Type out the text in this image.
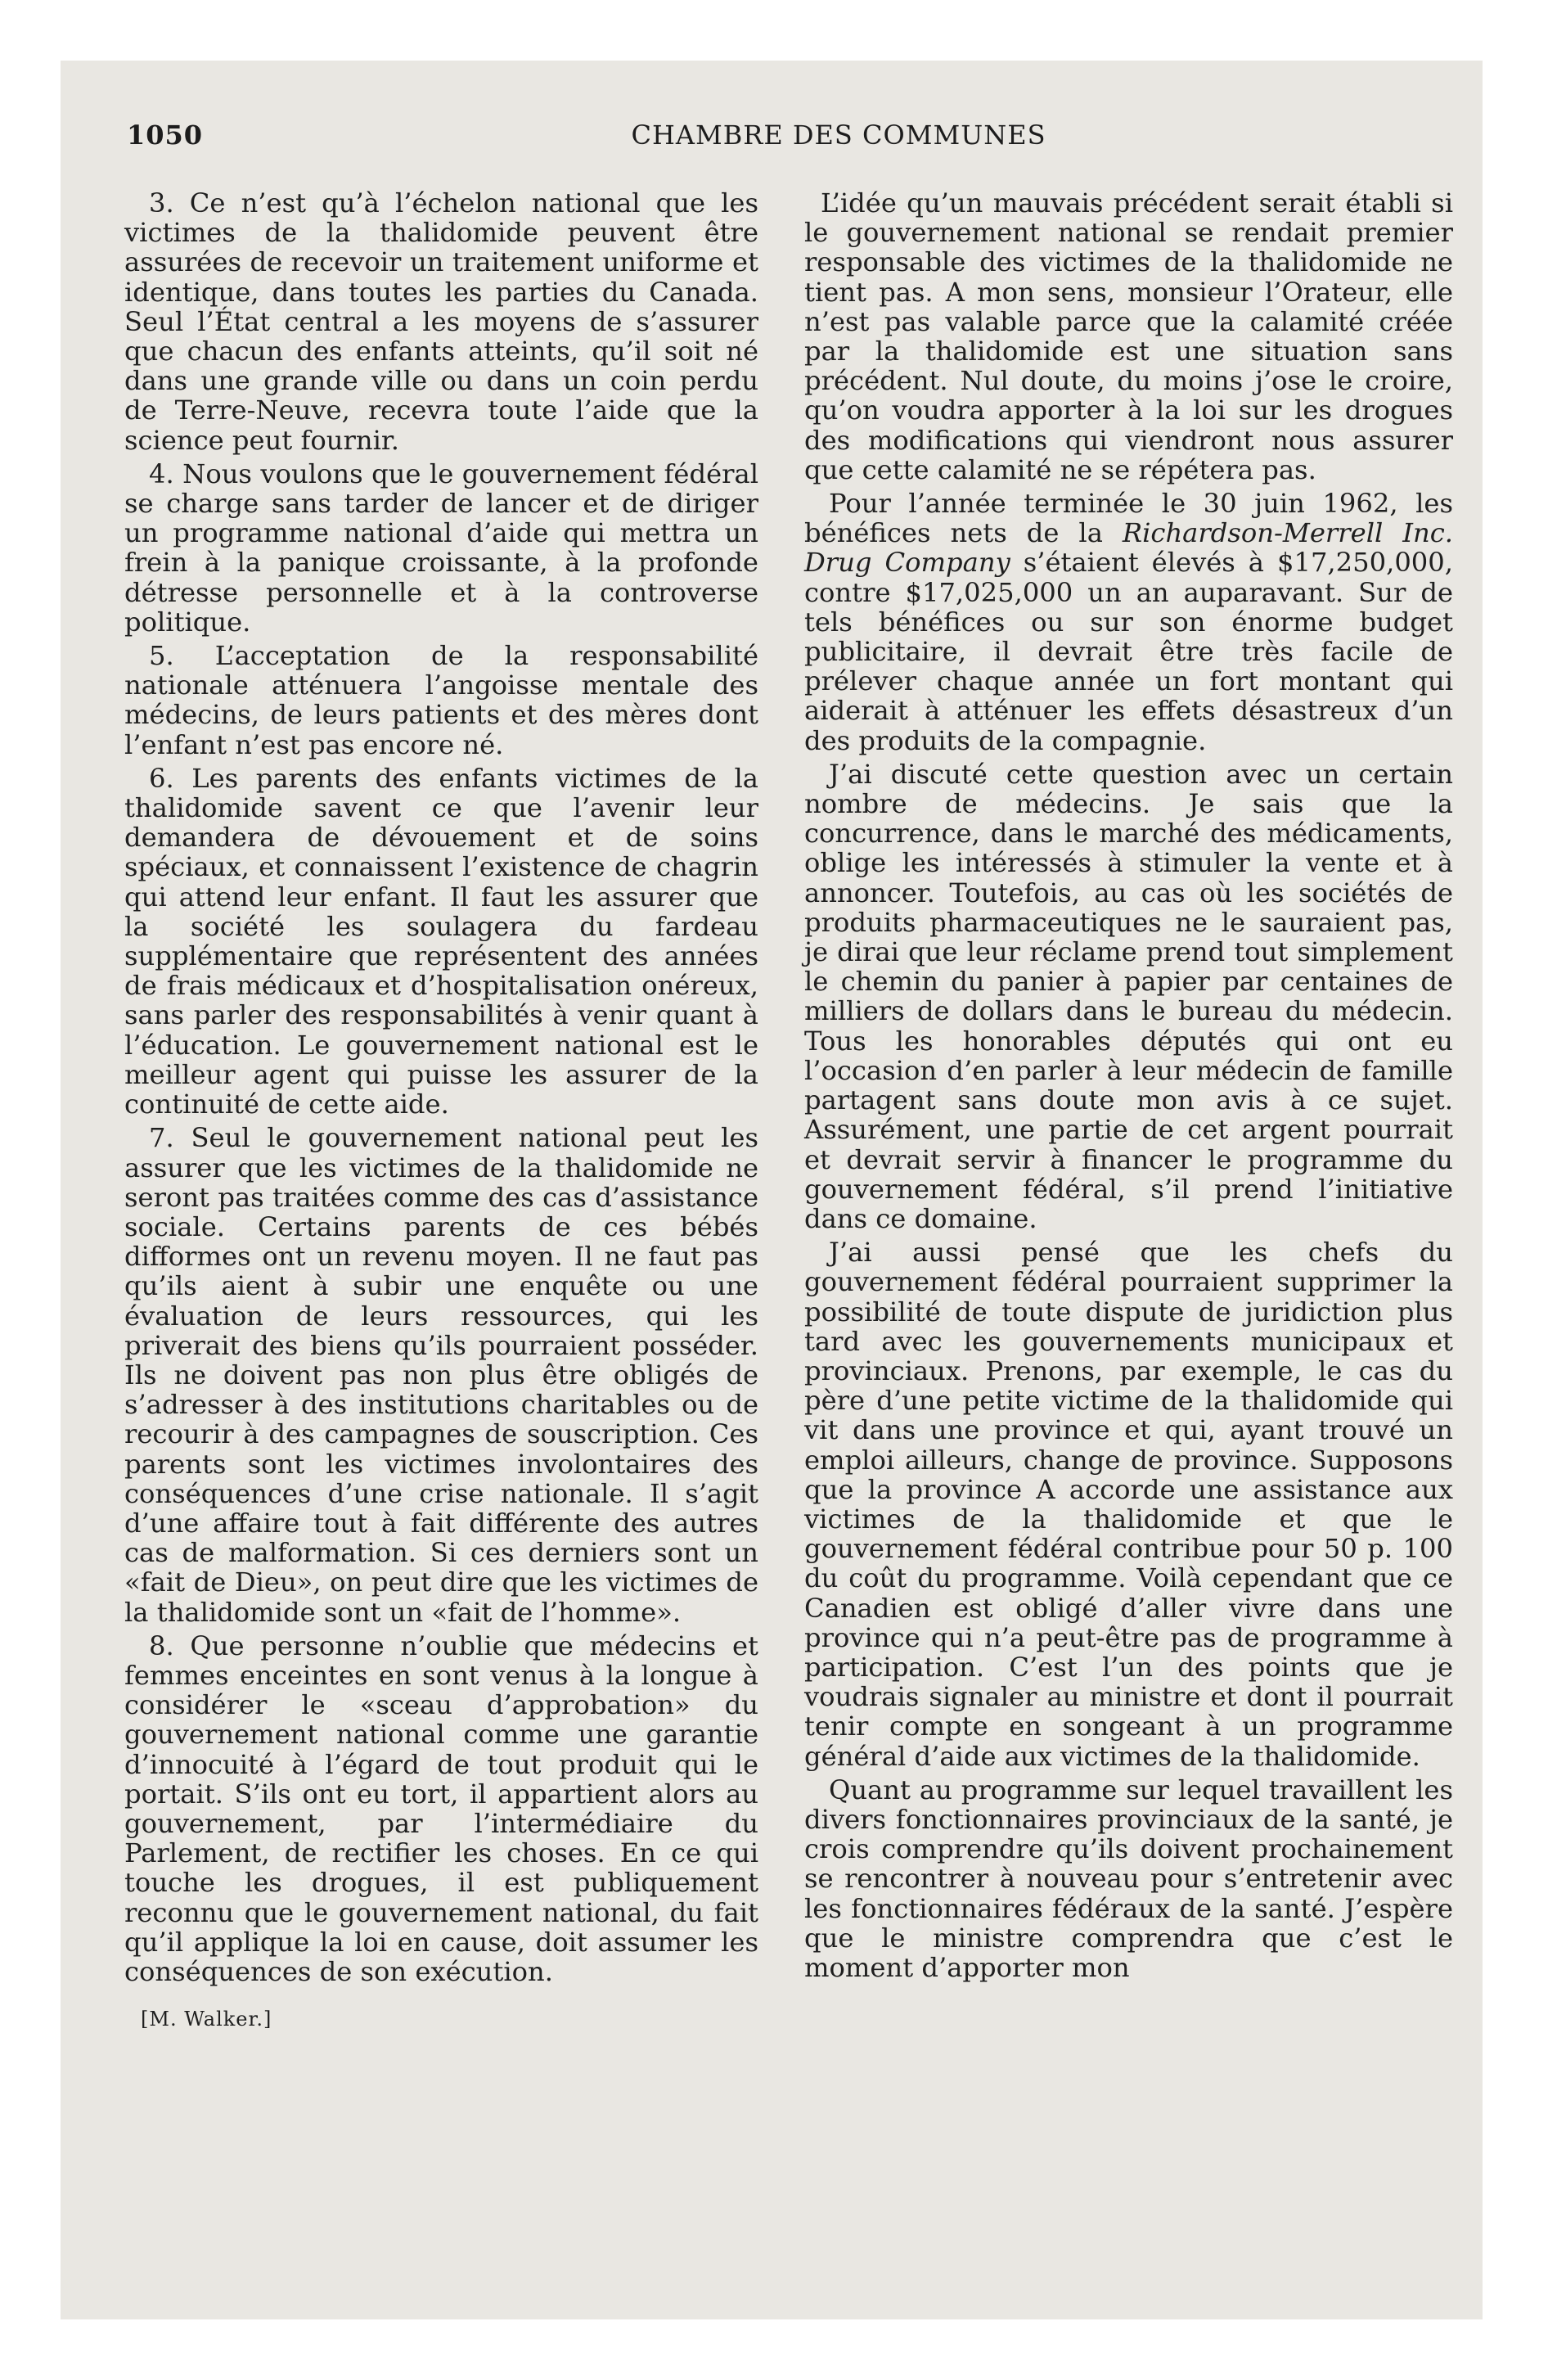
1050	CHAMBRE DES COMMUNES

3. Ce n’est qu’à l’échelon national que les victimes de la thalidomide peuvent être assurées de recevoir un traitement uniforme et identique, dans toutes les parties du Canada. Seul l’État central a les moyens de s’assurer que chacun des enfants atteints, qu’il soit né dans une grande ville ou dans un coin perdu de Terre-Neuve, recevra toute l’aide que la science peut fournir.

4. Nous voulons que le gouvernement fédéral se charge sans tarder de lancer et de diriger un programme national d’aide qui mettra un frein à la panique croissante, à la profonde détresse personnelle et à la controverse politique.

5. L’acceptation de la responsabilité nationale atténuera l’angoisse mentale des médecins, de leurs patients et des mères dont l’enfant n’est pas encore né.

6. Les parents des enfants victimes de la thalidomide savent ce que l’avenir leur demandera de dévouement et de soins spéciaux, et connaissent l’existence de chagrin qui attend leur enfant. Il faut les assurer que la société les soulagera du fardeau supplémentaire que représentent des années de frais médicaux et d’hospitalisation onéreux, sans parler des responsabilités à venir quant à l’éducation. Le gouvernement national est le meilleur agent qui puisse les assurer de la continuité de cette aide.

7. Seul le gouvernement national peut les assurer que les victimes de la thalidomide ne seront pas traitées comme des cas d’assistance sociale. Certains parents de ces bébés difformes ont un revenu moyen. Il ne faut pas qu’ils aient à subir une enquête ou une évaluation de leurs ressources, qui les priverait des biens qu’ils pourraient posséder. Ils ne doivent pas non plus être obligés de s’adresser à des institutions charitables ou de recourir à des campagnes de souscription. Ces parents sont les victimes involontaires des conséquences d’une crise nationale. Il s’agit d’une affaire tout à fait différente des autres cas de malformation. Si ces derniers sont un «fait de Dieu», on peut dire que les victimes de la thalidomide sont un «fait de l’homme».

8. Que personne n’oublie que médecins et femmes enceintes en sont venus à la longue à considérer le «sceau d’approbation» du gouvernement national comme une garantie d’innocuité à l’égard de tout produit qui le portait. S’ils ont eu tort, il appartient alors au gouvernement, par l’intermédiaire du Parlement, de rectifier les choses. En ce qui touche les drogues, il est publiquement reconnu que le gouvernement national, du fait qu’il applique la loi en cause, doit assumer les conséquences de son exécution.

[M. Walker.]

L’idée qu’un mauvais précédent serait établi si le gouvernement national se rendait premier responsable des victimes de la thalidomide ne tient pas. A mon sens, monsieur l’Orateur, elle n’est pas valable parce que la calamité créée par la thalidomide est une situation sans précédent. Nul doute, du moins j’ose le croire, qu’on voudra apporter à la loi sur les drogues des modifications qui viendront nous assurer que cette calamité ne se répétera pas.

Pour l’année terminée le 30 juin 1962, les bénéfices nets de la Richardson-Merrell Inc. Drug Company s’étaient élevés à $17,250,000, contre $17,025,000 un an auparavant. Sur de tels bénéfices ou sur son énorme budget publicitaire, il devrait être très facile de prélever chaque année un fort montant qui aiderait à atténuer les effets désastreux d’un des produits de la compagnie.

J’ai discuté cette question avec un certain nombre de médecins. Je sais que la concurrence, dans le marché des médicaments, oblige les intéressés à stimuler la vente et à annoncer. Toutefois, au cas où les sociétés de produits pharmaceutiques ne le sauraient pas, je dirai que leur réclame prend tout simplement le chemin du panier à papier par centaines de milliers de dollars dans le bureau du médecin. Tous les honorables députés qui ont eu l’occasion d’en parler à leur médecin de famille partagent sans doute mon avis à ce sujet. Assurément, une partie de cet argent pourrait et devrait servir à financer le programme du gouvernement fédéral, s’il prend l’initiative dans ce domaine.

J’ai aussi pensé que les chefs du gouvernement fédéral pourraient supprimer la possibilité de toute dispute de juridiction plus tard avec les gouvernements municipaux et provinciaux. Prenons, par exemple, le cas du père d’une petite victime de la thalidomide qui vit dans une province et qui, ayant trouvé un emploi ailleurs, change de province. Supposons que la province A accorde une assistance aux victimes de la thalidomide et que le gouvernement fédéral contribue pour 50 p. 100 du coût du programme. Voilà cependant que ce Canadien est obligé d’aller vivre dans une province qui n’a peut-être pas de programme à participation. C’est l’un des points que je voudrais signaler au ministre et dont il pourrait tenir compte en songeant à un programme général d’aide aux victimes de la thalidomide.

Quant au programme sur lequel travaillent les divers fonctionnaires provinciaux de la santé, je crois comprendre qu’ils doivent prochainement se rencontrer à nouveau pour s’entretenir avec les fonctionnaires fédéraux de la santé. J’espère que le ministre comprendra que c’est le moment d’apporter mon
